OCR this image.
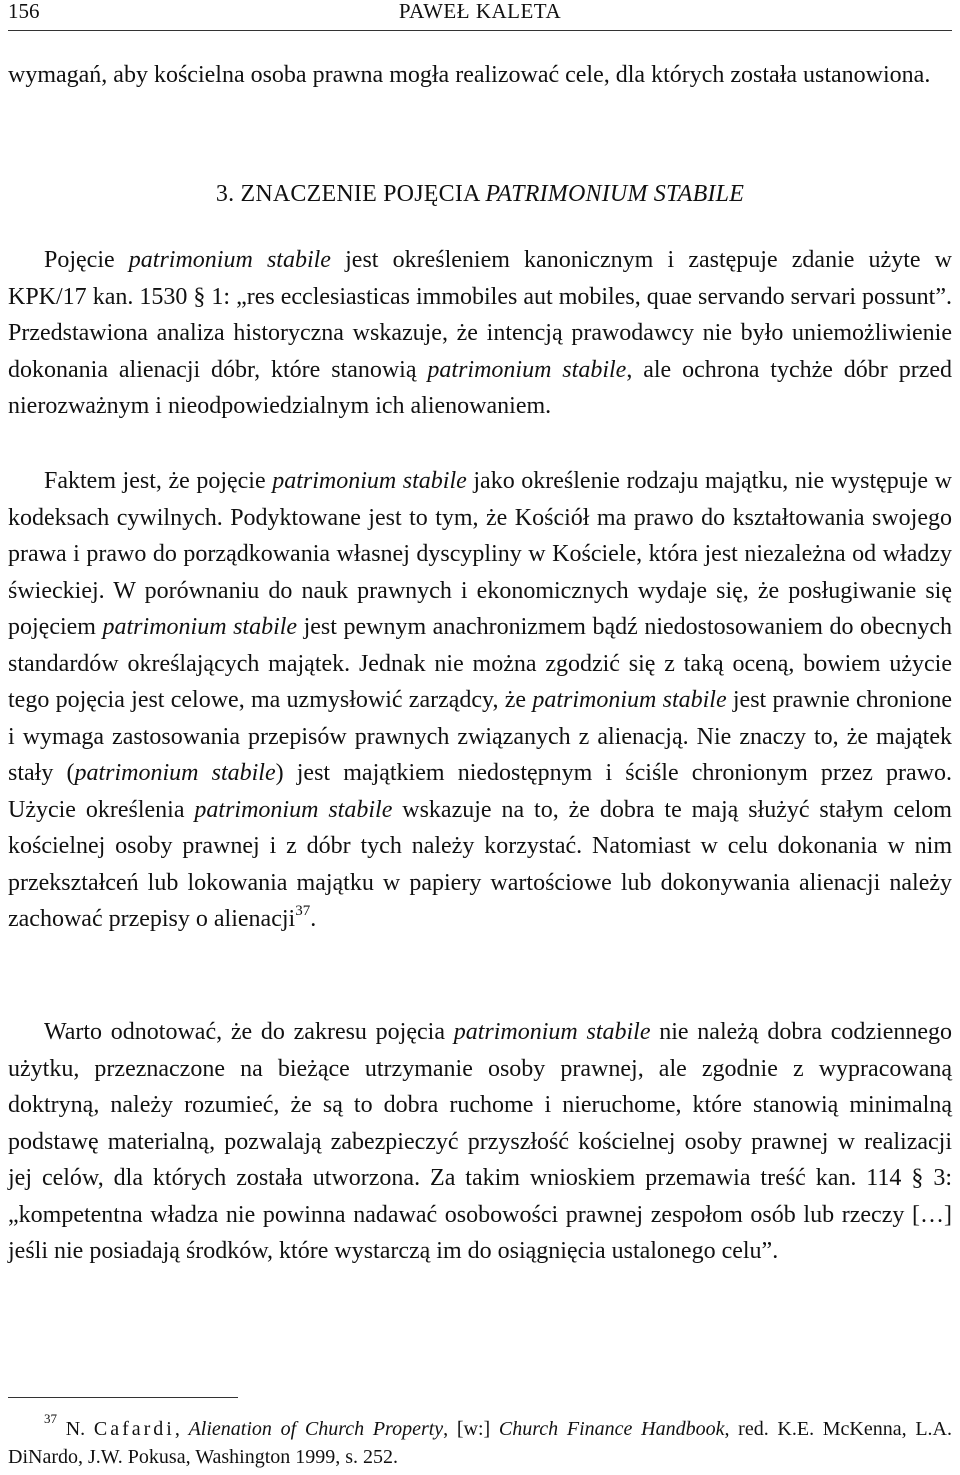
156	PAWEŁ KALETA

wymagań, aby kościelna osoba prawna mogła realizować cele, dla których została ustanowiona.

3. ZNACZENIE POJĘCIA PATRIMONIUM STABILE

Pojęcie patrimonium stabile jest określeniem kanonicznym i zastępuje zdanie użyte w KPK/17 kan. 1530 § 1: „res ecclesiasticas immobiles aut mobiles, quae servando servari possunt”. Przedstawiona analiza historyczna wskazuje, że intencją prawodawcy nie było uniemożliwienie dokonania alienacji dóbr, które stanowią patrimonium stabile, ale ochrona tychże dóbr przed nierozważnym i nieodpowiedzialnym ich alienowaniem.

Faktem jest, że pojęcie patrimonium stabile jako określenie rodzaju majątku, nie występuje w kodeksach cywilnych. Podyktowane jest to tym, że Kościół ma prawo do kształtowania swojego prawa i prawo do porządkowania własnej dyscypliny w Kościele, która jest niezależna od władzy świeckiej. W porównaniu do nauk prawnych i ekonomicznych wydaje się, że posługiwanie się pojęciem patrimonium stabile jest pewnym anachronizmem bądź niedostosowaniem do obecnych standardów określających majątek. Jednak nie można zgodzić się z taką oceną, bowiem użycie tego pojęcia jest celowe, ma uzmysłowić zarządcy, że patrimonium stabile jest prawnie chronione i wymaga zastosowania przepisów prawnych związanych z alienacją. Nie znaczy to, że majątek stały (patrimonium stabile) jest majątkiem niedostępnym i ściśle chronionym przez prawo. Użycie określenia patrimonium stabile wskazuje na to, że dobra te mają służyć stałym celom kościelnej osoby prawnej i z dóbr tych należy korzystać. Natomiast w celu dokonania w nim przekształceń lub lokowania majątku w papiery wartościowe lub dokonywania alienacji należy zachować przepisy o alienacji$^{37}$.

Warto odnotować, że do zakresu pojęcia patrimonium stabile nie należą dobra codziennego użytku, przeznaczone na bieżące utrzymanie osoby prawnej, ale zgodnie z wypracowaną doktryną, należy rozumieć, że są to dobra ruchome i nieruchome, które stanowią minimalną podstawę materialną, pozwalają zabezpieczyć przyszłość kościelnej osoby prawnej w realizacji jej celów, dla których została utworzona. Za takim wnioskiem przemawia treść kan. 114 § 3: „kompetentna władza nie powinna nadawać osobowości prawnej zespołom osób lub rzeczy […] jeśli nie posiadają środków, które wystarczą im do osiągnięcia ustalonego celu”.

$^{37}$ N. Cafardi, Alienation of Church Property, [w:] Church Finance Handbook, red. K.E. McKenna, L.A. DiNardo, J.W. Pokusa, Washington 1999, s. 252.
